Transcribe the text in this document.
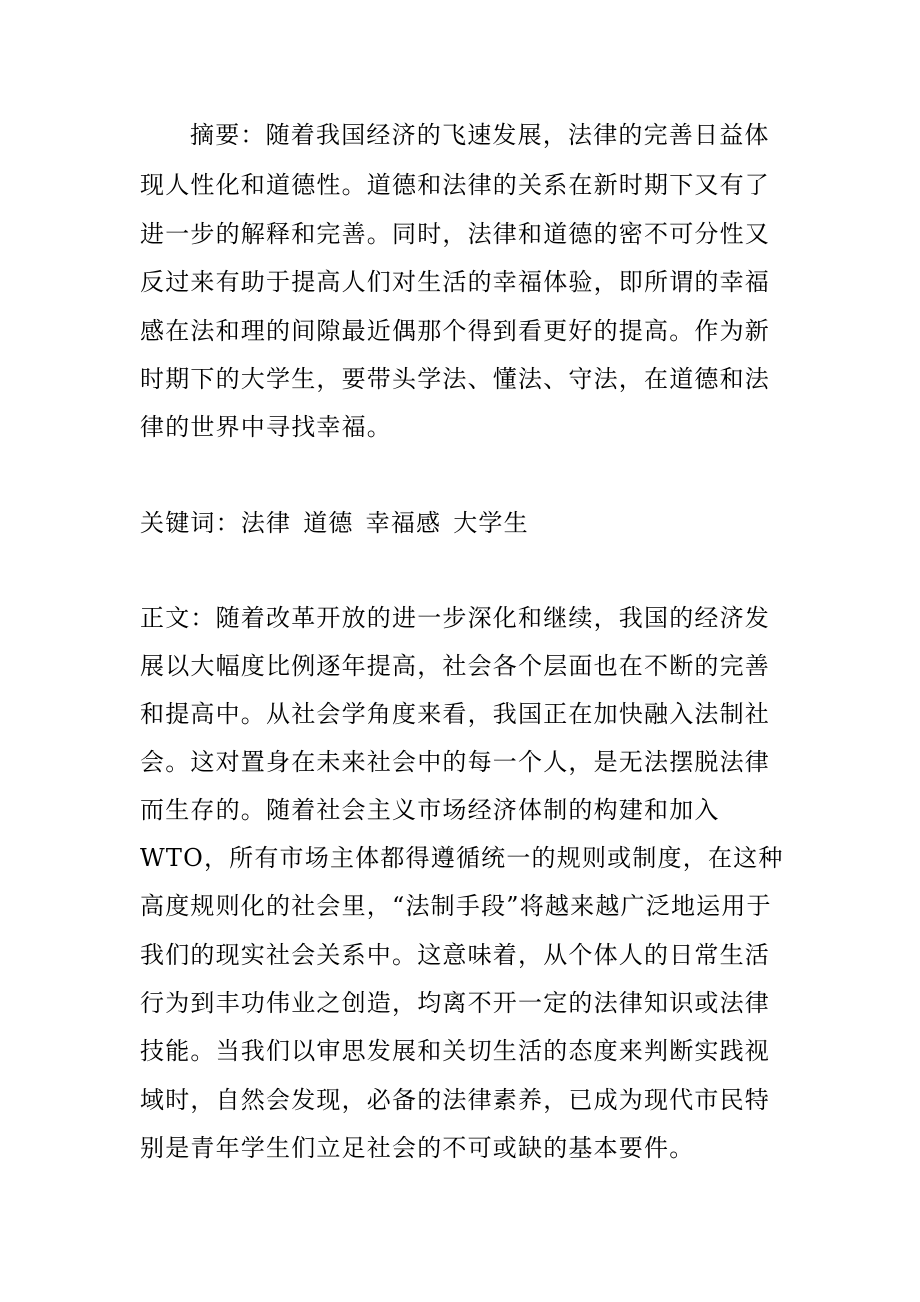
摘要：随着我国经济的飞速发展，法律的完善日益体
现人性化和道德性。道德和法律的关系在新时期下又有了
进一步的解释和完善。同时，法律和道德的密不可分性又
反过来有助于提高人们对生活的幸福体验，即所谓的幸福
感在法和理的间隙最近偶那个得到看更好的提高。作为新
时期下的大学生，要带头学法、懂法、守法，在道德和法
律的世界中寻找幸福。
关键词： 法律 道德 幸福感 大学生
正文：随着改革开放的进一步深化和继续，我国的经济发
展以大幅度比例逐年提高，社会各个层面也在不断的完善
和提高中。从社会学角度来看，我国正在加快融入法制社
会。这对置身在未来社会中的每一个人，是无法摆脱法律
而生存的。随着社会主义市场经济体制的构建和加入
WTO，所有市场主体都得遵循统一的规则或制度，在这种
高度规则化的社会里，“法制手段”将越来越广泛地运用于
我们的现实社会关系中。这意味着，从个体人的日常生活
行为到丰功伟业之创造，均离不开一定的法律知识或法律
技能。当我们以审思发展和关切生活的态度来判断实践视
域时，自然会发现，必备的法律素养，已成为现代市民特
别是青年学生们立足社会的不可或缺的基本要件。
